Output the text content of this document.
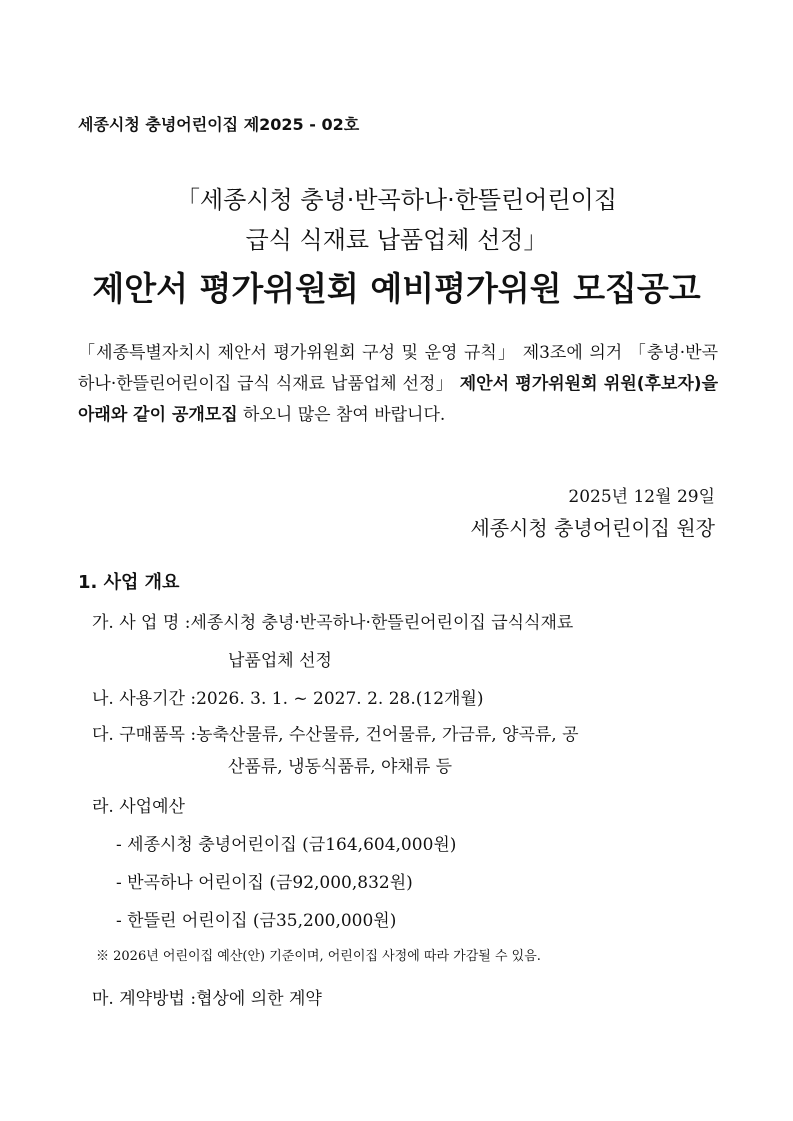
세종시청 충녕어린이집 제2025 - 02호
「세종시청 충녕·반곡하나·한뜰린어린이집
급식 식재료 납품업체 선정」
제안서 평가위원회 예비평가위원 모집공고
「세종특별자치시 제안서 평가위원회 구성 및 운영 규칙」 제3조에 의거 「충녕·반곡하나·한뜰린어린이집 급식 식재료 납품업체 선정」 제안서 평가위원회 위원(후보자)을 아래와 같이 공개모집 하오니 많은 참여 바랍니다.
2025년 12월 29일
세종시청 충녕어린이집 원장
1. 사업 개요
가. 사 업 명 :세종시청 충녕·반곡하나·한뜰린어린이집 급식식재료
납품업체 선정
나. 사용기간 :2026. 3. 1. ~ 2027. 2. 28.(12개월)
다. 구매품목 :농축산물류, 수산물류, 건어물류, 가금류, 양곡류, 공
산품류, 냉동식품류, 야채류 등
라. 사업예산
- 세종시청 충녕어린이집 (금164,604,000원)
- 반곡하나 어린이집 (금92,000,832원)
- 한뜰린 어린이집 (금35,200,000원)
※ 2026년 어린이집 예산(안) 기준이며, 어린이집 사정에 따라 가감될 수 있음.
마. 계약방법 :협상에 의한 계약
